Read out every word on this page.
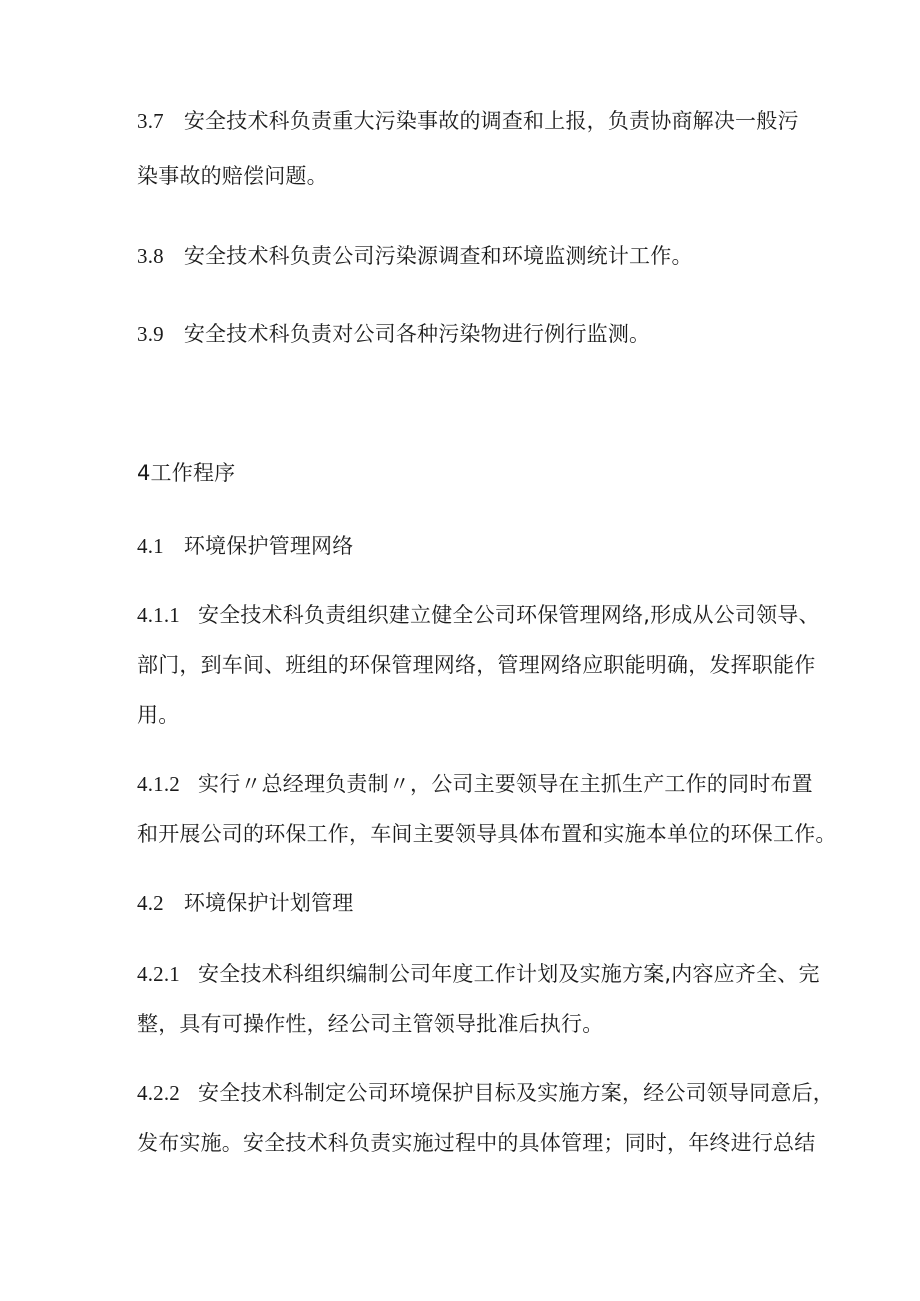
3.7 安全技术科负责重大污染事故的调查和上报，负责协商解决一般污
染事故的赔偿问题。
3.8 安全技术科负责公司污染源调查和环境监测统计工作。
3.9 安全技术科负责对公司各种污染物进行例行监测。
4工作程序
4.1 环境保护管理网络
4.1.1 安全技术科负责组织建立健全公司环保管理网络,形成从公司领导、
部门，到车间、班组的环保管理网络，管理网络应职能明确，发挥职能作
用。
4.1.2 实行〃总经理负责制〃，公司主要领导在主抓生产工作的同时布置
和开展公司的环保工作，车间主要领导具体布置和实施本单位的环保工作。
4.2 环境保护计划管理
4.2.1 安全技术科组织编制公司年度工作计划及实施方案,内容应齐全、完
整，具有可操作性，经公司主管领导批准后执行。
4.2.2 安全技术科制定公司环境保护目标及实施方案，经公司领导同意后，
发布实施。安全技术科负责实施过程中的具体管理；同时，年终进行总结
